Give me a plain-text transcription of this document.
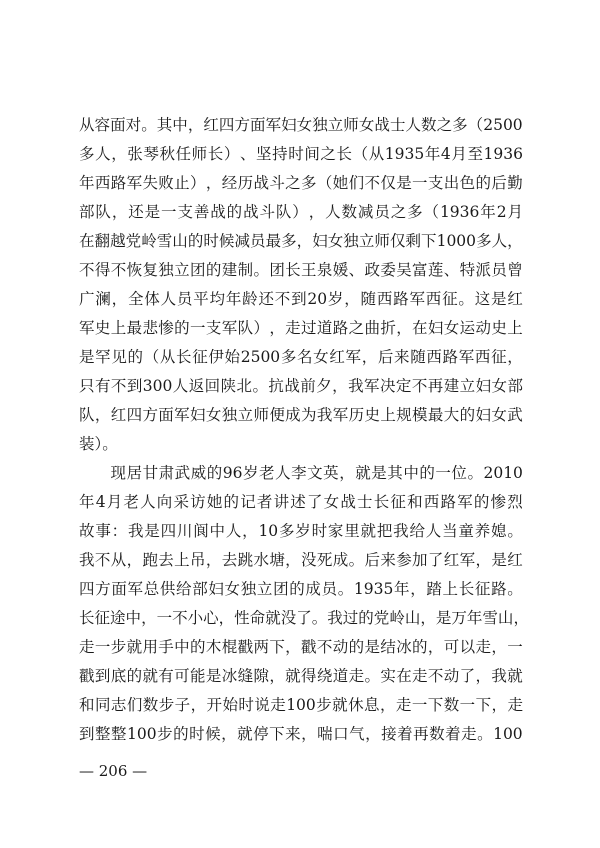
从 容 面 对 。 其 中 ， 红 四 方 面 军 妇 女 独 立 师 女 战 士 人 数 之 多 （ 2500
多 人 ， 张 琴 秋 任 师 长 ） 、 坚 持 时 间 之 长 （ 从 1935 年 4 月 至 1936
年 西 路 军 失 败 止 ） ， 经 历 战 斗 之 多 （ 她 们 不 仅 是 一 支 出 色 的 后 勤
部 队 ， 还 是 一 支 善 战 的 战 斗 队 ） ， 人 数 减 员 之 多 （ 1936 年 2 月
在 翻 越 党 岭 雪 山 的 时 候 减 员 最 多 ， 妇 女 独 立 师 仅 剩 下 1000 多 人 ，
不 得 不 恢 复 独 立 团 的 建 制 。 团 长 王 泉 媛 、 政 委 吴 富 莲 、 特 派 员 曾
广 澜 ， 全 体 人 员 平 均 年 龄 还 不 到 20 岁 ， 随 西 路 军 西 征 。 这 是 红
军 史 上 最 悲 惨 的 一 支 军 队 ） ， 走 过 道 路 之 曲 折 ， 在 妇 女 运 动 史 上
是 罕 见 的 （ 从 长 征 伊 始 2500 多 名 女 红 军 ， 后 来 随 西 路 军 西 征 ，
只 有 不 到 300 人 返 回 陕 北 。 抗 战 前 夕 ， 我 军 决 定 不 再 建 立 妇 女 部
队 ， 红 四 方 面 军 妇 女 独 立 师 便 成 为 我 军 历 史 上 规 模 最 大 的 妇 女 武
装）。

现 居 甘 肃 武 威 的 96 岁 老 人 李 文 英 ， 就 是 其 中 的 一 位 。 2010
年 4 月 老 人 向 采 访 她 的 记 者 讲 述 了 女 战 士 长 征 和 西 路 军 的 惨 烈
故 事 ： 我 是 四 川 阆 中 人 ， 10 多 岁 时 家 里 就 把 我 给 人 当 童 养 媳 。
我 不 从 ， 跑 去 上 吊 ， 去 跳 水 塘 ， 没 死 成 。 后 来 参 加 了 红 军 ， 是 红
四 方 面 军 总 供 给 部 妇 女 独 立 团 的 成 员 。 1935 年 ， 踏 上 长 征 路 。
长 征 途 中 ， 一 不 小 心 ， 性 命 就 没 了 。 我 过 的 党 岭 山 ， 是 万 年 雪 山 ，
走 一 步 就 用 手 中 的 木 棍 戳 两 下 ， 戳 不 动 的 是 结 冰 的 ， 可 以 走 ， 一
戳 到 底 的 就 有 可 能 是 冰 缝 隙 ， 就 得 绕 道 走 。 实 在 走 不 动 了 ， 我 就
和 同 志 们 数 步 子 ， 开 始 时 说 走 100 步 就 休 息 ， 走 一 下 数 一 下 ， 走
到 整 整 100 步 的 时 候 ， 就 停 下 来 ， 喘 口 气 ， 接 着 再 数 着 走 。 100
— 206 —
